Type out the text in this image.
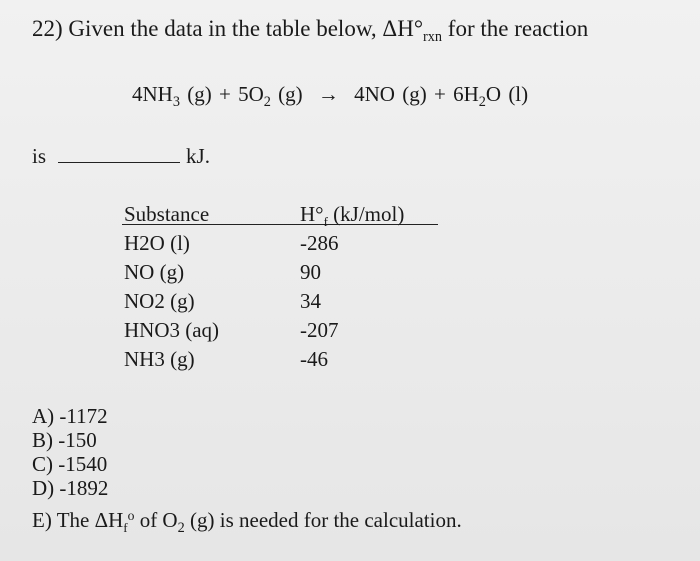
22) Given the data in the table below, $\Delta H^\circ_{rxn}$ for the reaction
$4NH_3$ $(g) + 5O_2$ (g) → 4NO $(g) + 6H_2O$ (l)
is	kJ.
Substance	$H^\circ_f$ (kJ/mol)
H2O (l)
NO (g)
NO2 (g)
HNO3 (aq)
NH3 (g)
-286
90
34
-207
-46
A) -1172
B) -150
C) -1540
D) -1892
E) The $\Delta H_f^o$ of $O_2$ (g) is needed for the calculation.
